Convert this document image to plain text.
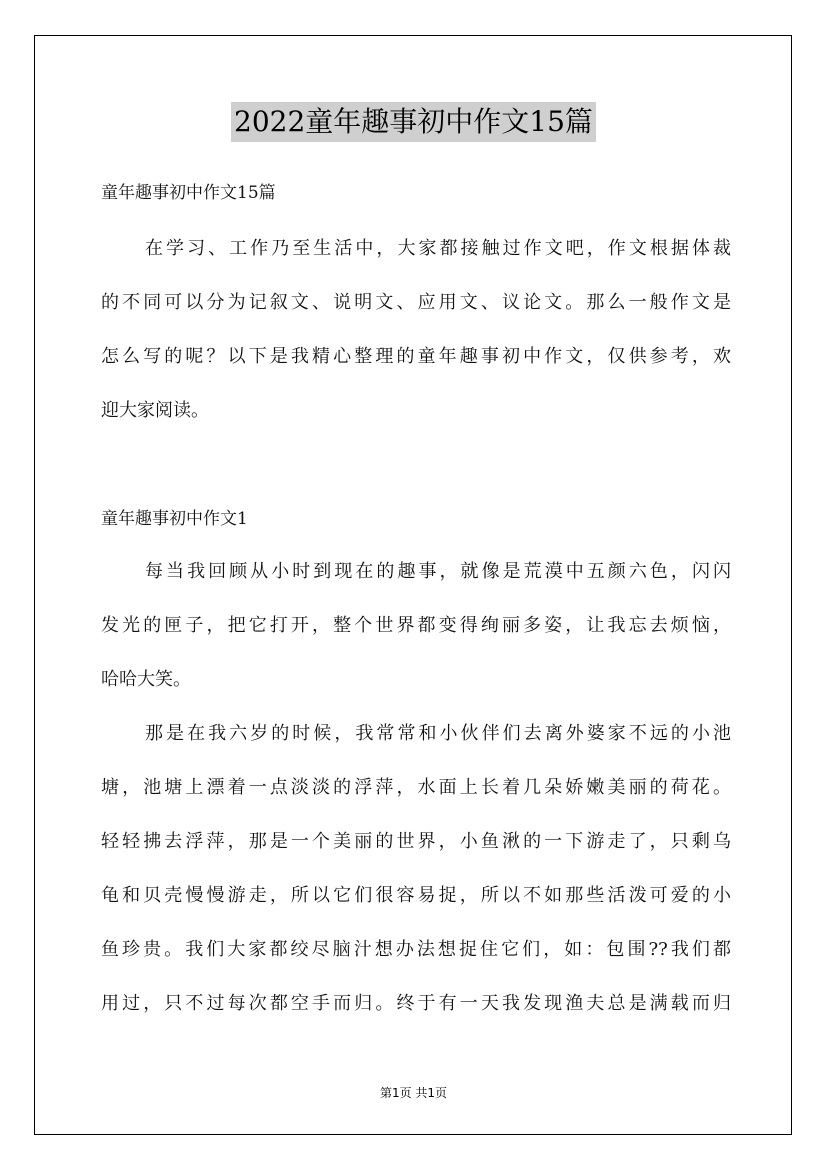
2022童年趣事初中作文15篇
童年趣事初中作文15篇
在学习、工作乃至生活中，大家都接触过作文吧，作文根据体裁
的不同可以分为记叙文、说明文、应用文、议论文。那么一般作文是
怎么写的呢？以下是我精心整理的童年趣事初中作文，仅供参考，欢
迎大家阅读。
童年趣事初中作文1
每当我回顾从小时到现在的趣事，就像是荒漠中五颜六色，闪闪
发光的匣子，把它打开，整个世界都变得绚丽多姿，让我忘去烦恼，
哈哈大笑。
那是在我六岁的时候，我常常和小伙伴们去离外婆家不远的小池
塘，池塘上漂着一点淡淡的浮萍，水面上长着几朵娇嫩美丽的荷花。
轻轻拂去浮萍，那是一个美丽的世界，小鱼湫的一下游走了，只剩乌
龟和贝壳慢慢游走，所以它们很容易捉，所以不如那些活泼可爱的小
鱼珍贵。我们大家都绞尽脑汁想办法想捉住它们，如：包围??我们都
用过，只不过每次都空手而归。终于有一天我发现渔夫总是满载而归
第1页 共1页
